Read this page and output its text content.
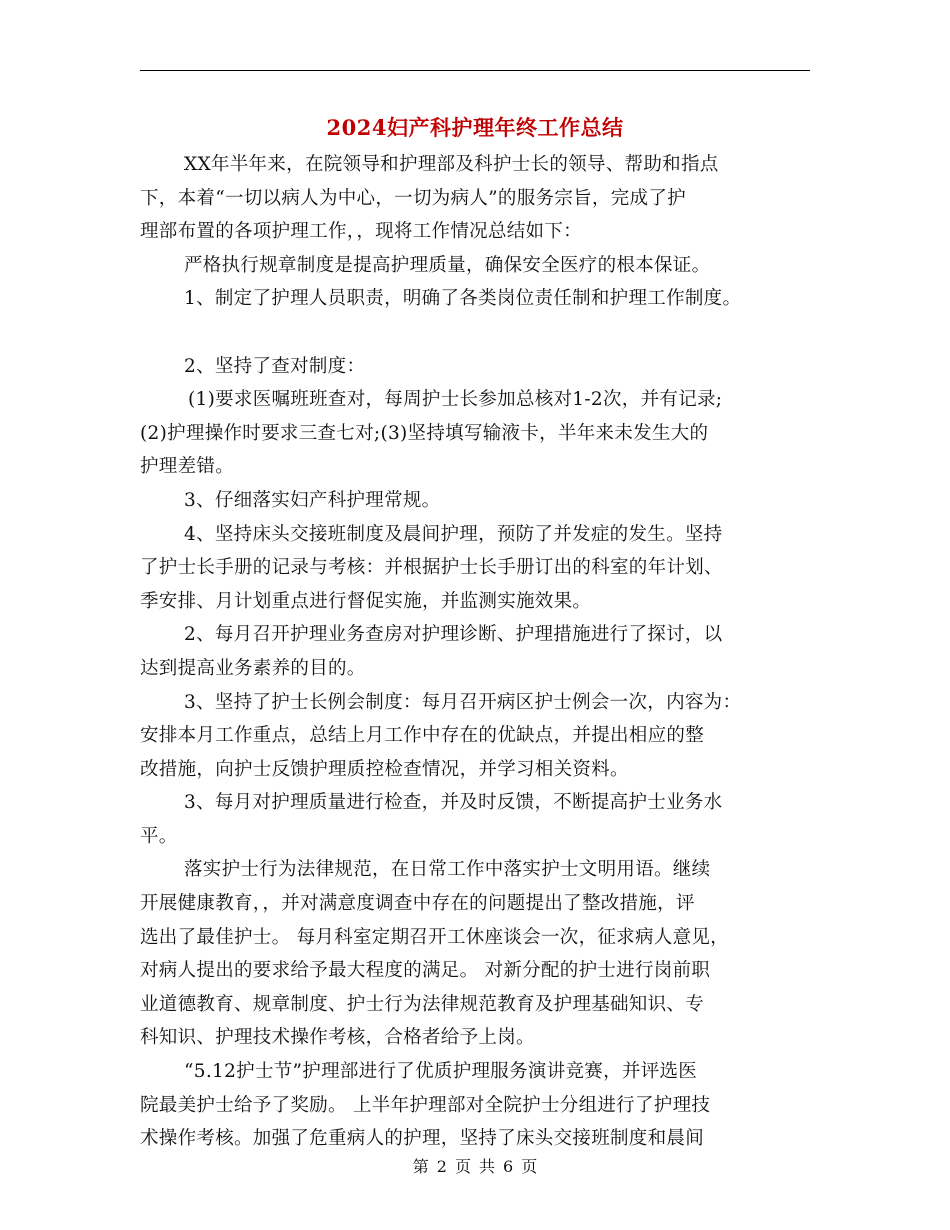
2024妇产科护理年终工作总结
XX年半年来，在院领导和护理部及科护士长的领导、帮助和指点
下，本着“一切以病人为中心，一切为病人”的服务宗旨，完成了护
理部布置的各项护理工作，，现将工作情况总结如下：
严格执行规章制度是提高护理质量，确保安全医疗的根本保证。
1、制定了护理人员职责，明确了各类岗位责任制和护理工作制度。
2、坚持了查对制度：
(1)要求医嘱班班查对，每周护士长参加总核对1-2次，并有记录;
(2)护理操作时要求三查七对;(3)坚持填写输液卡，半年来未发生大的
护理差错。
3、仔细落实妇产科护理常规。
4、坚持床头交接班制度及晨间护理，预防了并发症的发生。坚持
了护士长手册的记录与考核：并根据护士长手册订出的科室的年计划、
季安排、月计划重点进行督促实施，并监测实施效果。
2、每月召开护理业务查房对护理诊断、护理措施进行了探讨，以
达到提高业务素养的目的。
3、坚持了护士长例会制度：每月召开病区护士例会一次，内容为：
安排本月工作重点，总结上月工作中存在的优缺点，并提出相应的整
改措施，向护士反馈护理质控检查情况，并学习相关资料。
3、每月对护理质量进行检查，并及时反馈，不断提高护士业务水
平。
落实护士行为法律规范，在日常工作中落实护士文明用语。继续
开展健康教育，，并对满意度调查中存在的问题提出了整改措施，评
选出了最佳护士。 每月科室定期召开工休座谈会一次，征求病人意见，
对病人提出的要求给予最大程度的满足。 对新分配的护士进行岗前职
业道德教育、规章制度、护士行为法律规范教育及护理基础知识、专
科知识、护理技术操作考核，合格者给予上岗。
“5.12护士节”护理部进行了优质护理服务演讲竞赛，并评选医
院最美护士给予了奖励。 上半年护理部对全院护士分组进行了护理技
术操作考核。加强了危重病人的护理，坚持了床头交接班制度和晨间
第 2 页 共 6 页
